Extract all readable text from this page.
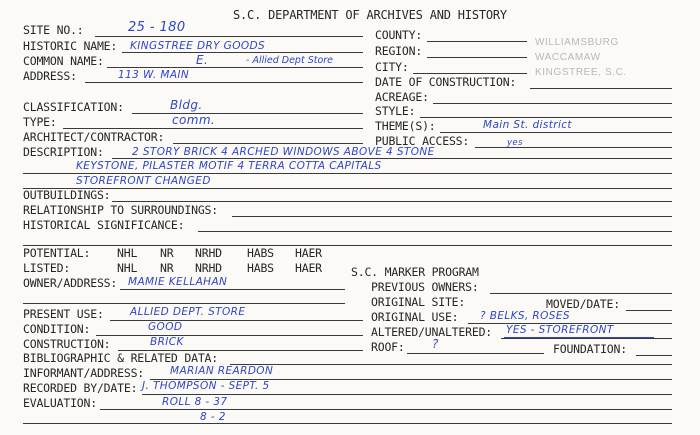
S.C. DEPARTMENT OF ARCHIVES AND HISTORY
WILLIAMSBURG
WACCAMAW
KINGSTREE, S.C.
SITE NO.:	25 - 180
HISTORIC NAME: KINGSTREE DRY GOODS
COMMON NAME:	E.	- Allied Dept Store
ADDRESS:	113 W. MAIN
COUNTY:
REGION:
CITY:
DATE OF CONSTRUCTION:
ACREAGE:
CLASSIFICATION:	Bldg.
TYPE:	comm.
ARCHITECT/CONTRACTOR:
STYLE:
THEME(S):	Main St. district
PUBLIC ACCESS:	yes
DESCRIPTION:	2 STORY BRICK 4 ARCHED WINDOWS ABOVE 4 STONE
KEYSTONE, PILASTER MOTIF 4 TERRA COTTA CAPITALS
STOREFRONT CHANGED
OUTBUILDINGS:
RELATIONSHIP TO SURROUNDINGS:
HISTORICAL SIGNIFICANCE:
POTENTIAL: NHL NR NRHD HABS HAER
LISTED:	NHL NR NRHD HABS HAER
OWNER/ADDRESS: MAMIE KELLAHAN
S.C. MARKER PROGRAM
PREVIOUS OWNERS:
ORIGINAL SITE:	MOVED/DATE:
PRESENT USE:	ALLIED DEPT. STORE
CONDITION:	GOOD
CONSTRUCTION:	BRICK
ORIGINAL USE: ? BELKS, ROSES
ALTERED/UNALTERED: YES - STOREFRONT
ROOF: ?	FOUNDATION:
BIBLIOGRAPHIC & RELATED DATA:
INFORMANT/ADDRESS: MARIAN REARDON
RECORDED BY/DATE: J. THOMPSON - SEPT. 5
EVALUATION:	ROLL 8 - 37
8 - 2
